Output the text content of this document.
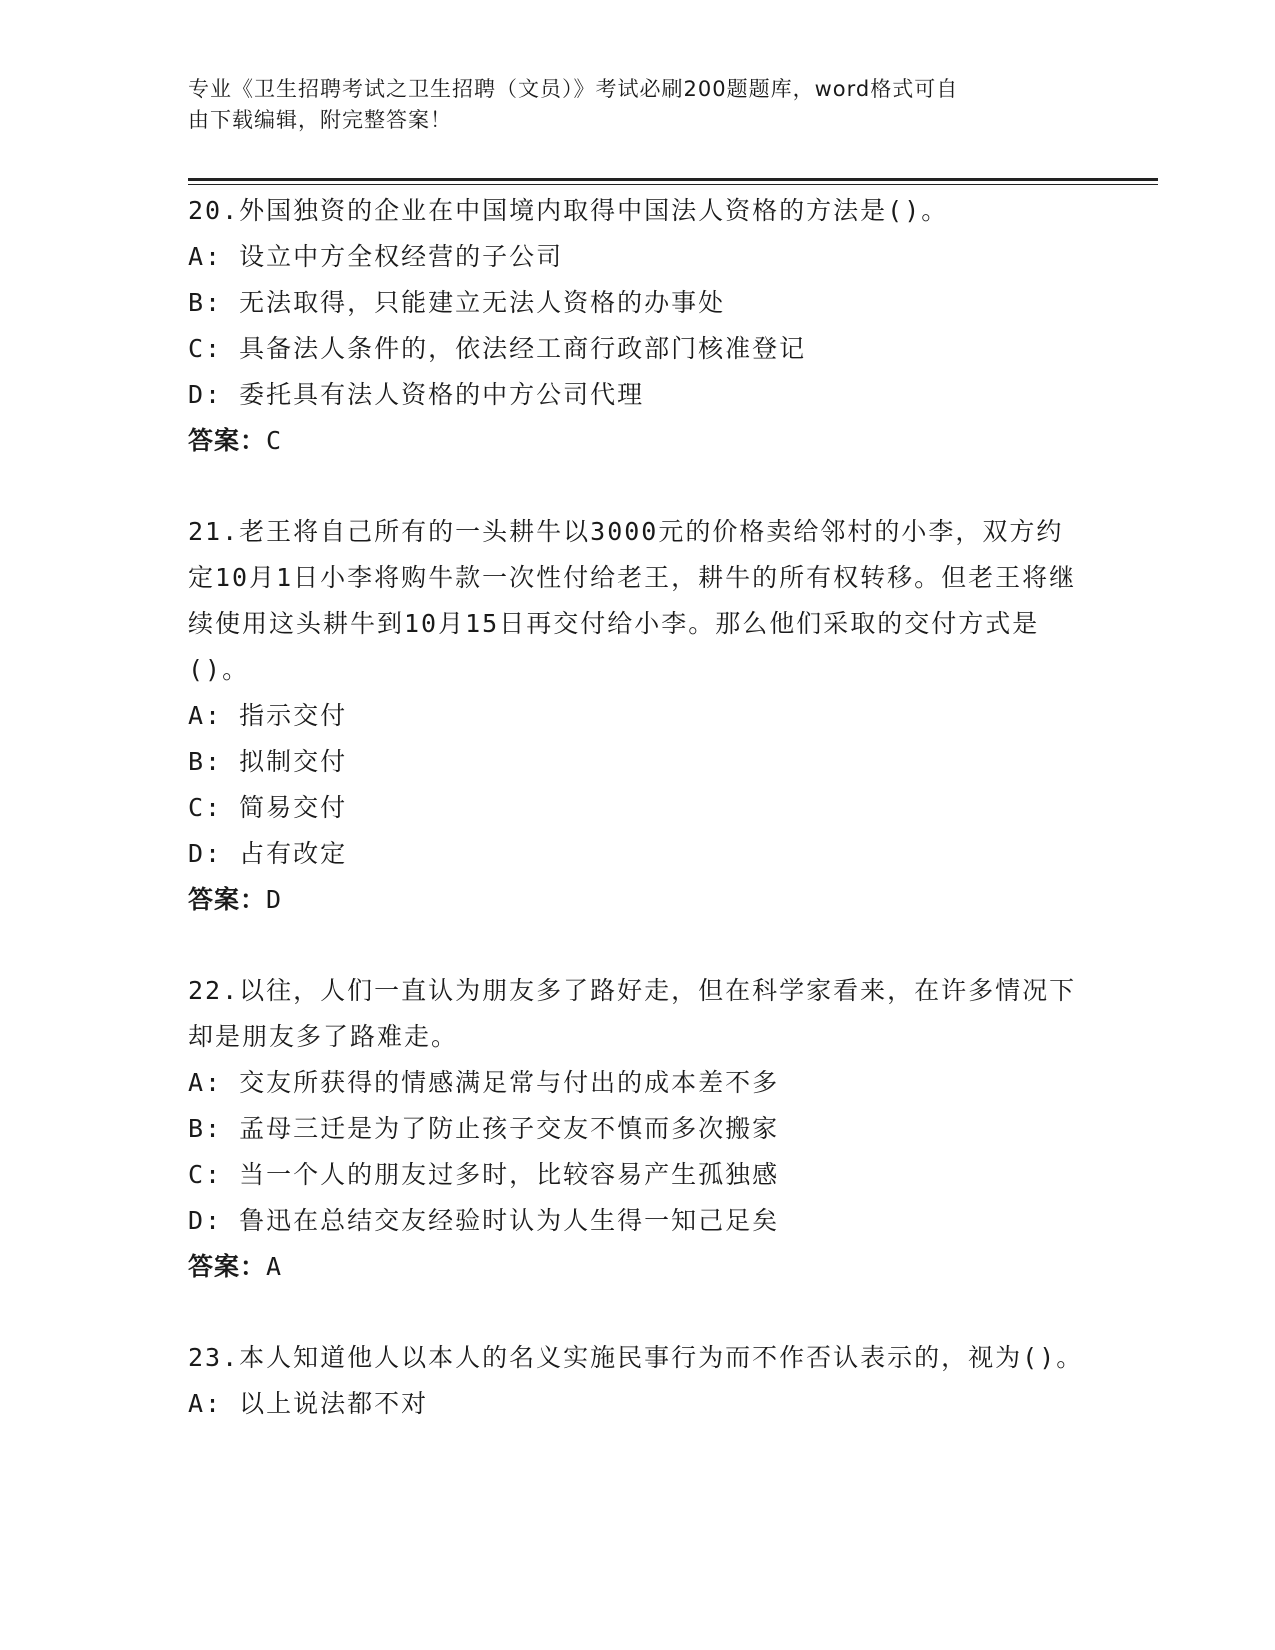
专业《卫生招聘考试之卫生招聘（文员）》考试必刷200题题库，word格式可自
由下载编辑，附完整答案！

20.外国独资的企业在中国境内取得中国法人资格的方法是()。

A: 设立中方全权经营的子公司

B: 无法取得，只能建立无法人资格的办事处

C: 具备法人条件的，依法经工商行政部门核准登记

D: 委托具有法人资格的中方公司代理

答案：C

21.老王将自己所有的一头耕牛以3000元的价格卖给邻村的小李，双方约定10月1日小李将购牛款一次性付给老王，耕牛的所有权转移。但老王将继续使用这头耕牛到10月15日再交付给小李。那么他们采取的交付方式是()。

A: 指示交付

B: 拟制交付

C: 简易交付

D: 占有改定

答案：D

22.以往，人们一直认为朋友多了路好走，但在科学家看来，在许多情况下却是朋友多了路难走。

A: 交友所获得的情感满足常与付出的成本差不多

B: 孟母三迁是为了防止孩子交友不慎而多次搬家

C: 当一个人的朋友过多时，比较容易产生孤独感

D: 鲁迅在总结交友经验时认为人生得一知己足矣

答案：A

23.本人知道他人以本人的名义实施民事行为而不作否认表示的，视为()。

A: 以上说法都不对
